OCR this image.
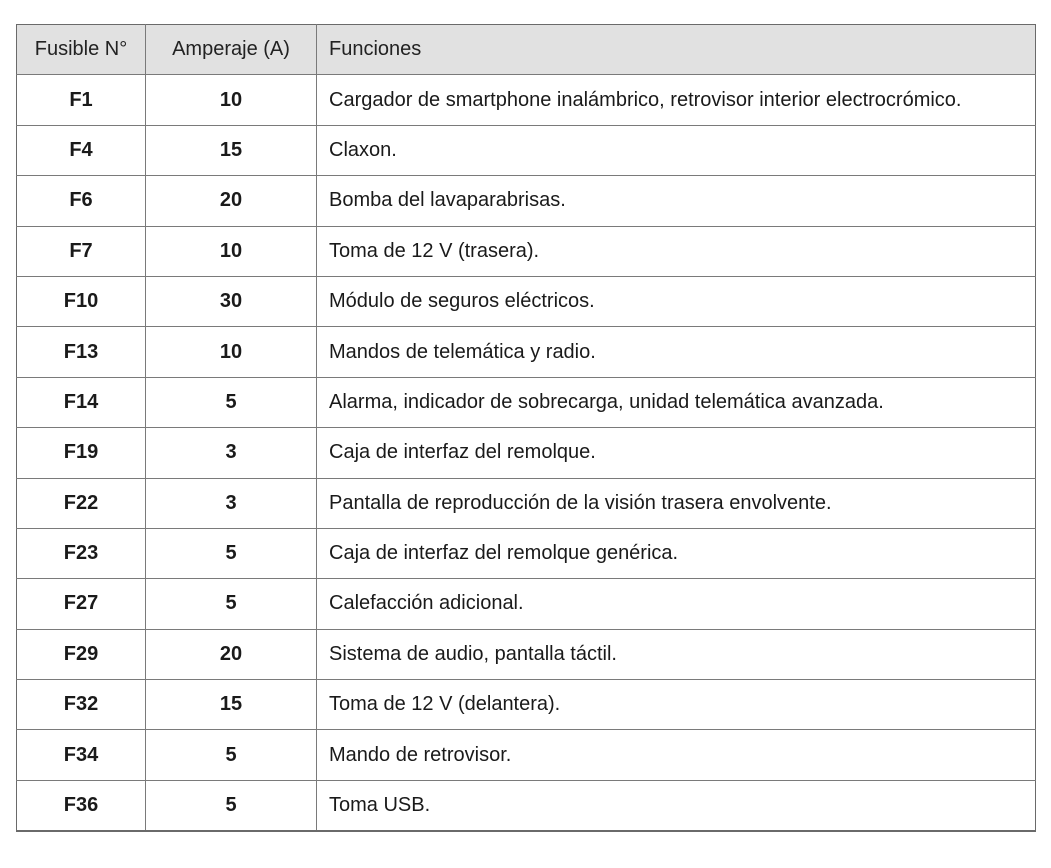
Fusible N°	Amperaje (A)	Funciones
F1	10	Cargador de smartphone inalámbrico, retrovisor interior electrocrómico.
F4	15	Claxon.
F6	20	Bomba del lavaparabrisas.
F7	10	Toma de 12 V (trasera).
F10	30	Módulo de seguros eléctricos.
F13	10	Mandos de telemática y radio.
F14	5	Alarma, indicador de sobrecarga, unidad telemática avanzada.
F19	3	Caja de interfaz del remolque.
F22	3	Pantalla de reproducción de la visión trasera envolvente.
F23	5	Caja de interfaz del remolque genérica.
F27	5	Calefacción adicional.
F29	20	Sistema de audio, pantalla táctil.
F32	15	Toma de 12 V (delantera).
F34	5	Mando de retrovisor.
F36	5	Toma USB.
